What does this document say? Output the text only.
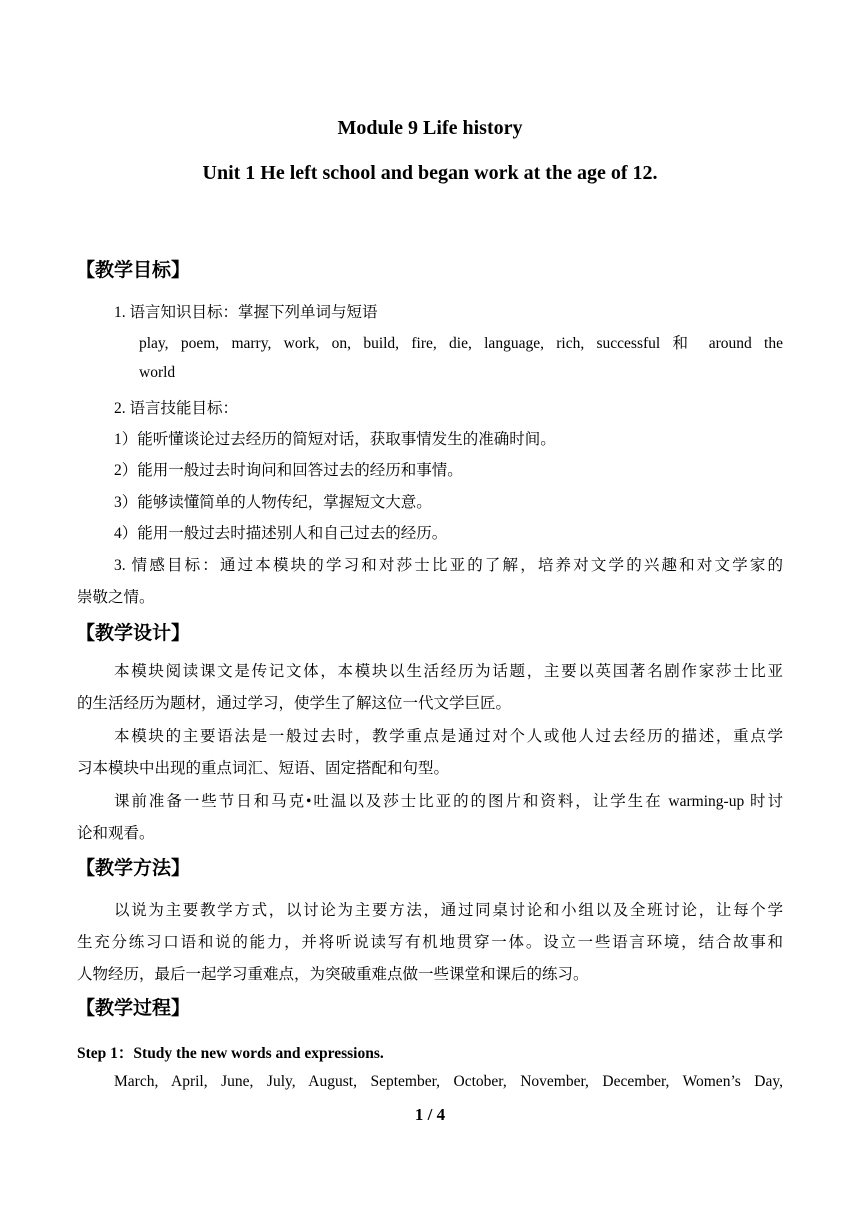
Module 9 Life history
Unit 1 He left school and began work at the age of 12.
【教学目标】
1. 语言知识目标：掌握下列单词与短语
play, poem, marry, work, on, build, fire, die, language, rich, successful 和 around the
world
2. 语言技能目标：
1）能听懂谈论过去经历的简短对话，获取事情发生的准确时间。
2）能用一般过去时询问和回答过去的经历和事情。
3）能够读懂简单的人物传纪，掌握短文大意。
4）能用一般过去时描述别人和自己过去的经历。
3. 情感目标：通过本模块的学习和对莎士比亚的了解，培养对文学的兴趣和对文学家的
崇敬之情。
【教学设计】
本模块阅读课文是传记文体，本模块以生活经历为话题，主要以英国著名剧作家莎士比亚
的生活经历为题材，通过学习，使学生了解这位一代文学巨匠。
本模块的主要语法是一般过去时，教学重点是通过对个人或他人过去经历的描述，重点学
习本模块中出现的重点词汇、短语、固定搭配和句型。
课前准备一些节日和马克•吐温以及莎士比亚的的图片和资料，让学生在 warming-up 时讨
论和观看。
【教学方法】
以说为主要教学方式，以讨论为主要方法，通过同桌讨论和小组以及全班讨论，让每个学
生充分练习口语和说的能力，并将听说读写有机地贯穿一体。设立一些语言环境，结合故事和
人物经历，最后一起学习重难点，为突破重难点做一些课堂和课后的练习。
【教学过程】
Step 1：Study the new words and expressions.
March, April, June, July, August, September, October, November, December, Women’s Day,
1 / 4
